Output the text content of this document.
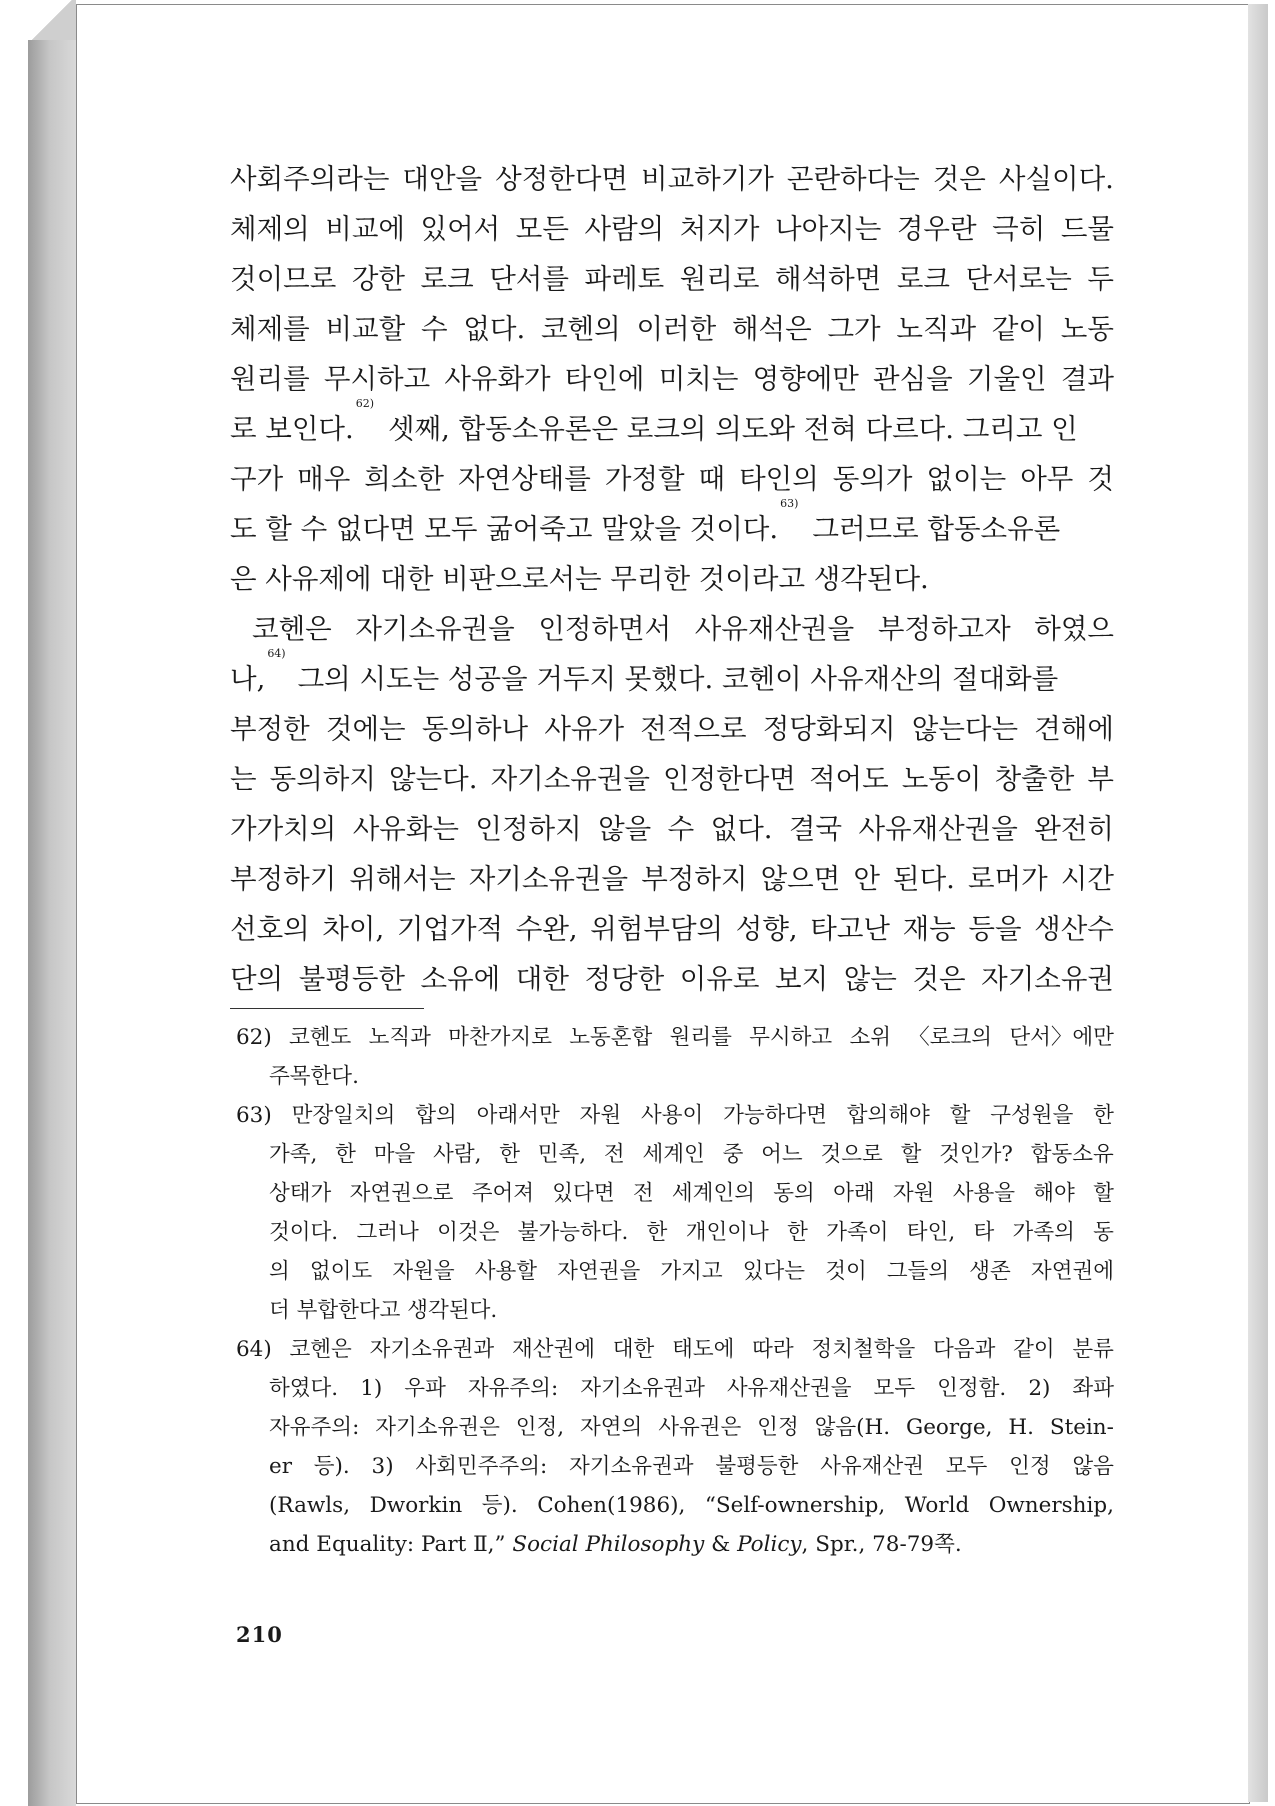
사회주의라는 대안을 상정한다면 비교하기가 곤란하다는 것은 사실이다.
체제의 비교에 있어서 모든 사람의 처지가 나아지는 경우란 극히 드물
것이므로 강한 로크 단서를 파레토 원리로 해석하면 로크 단서로는 두
체제를 비교할 수 없다. 코헨의 이러한 해석은 그가 노직과 같이 노동
원리를 무시하고 사유화가 타인에 미치는 영향에만 관심을 기울인 결과
로 보인다.
62)
셋째, 합동소유론은 로크의 의도와 전혀 다르다. 그리고 인
구가 매우 희소한 자연상태를 가정할 때 타인의 동의가 없이는 아무 것
도 할 수 없다면 모두 굶어죽고 말았을 것이다.
63)
그러므로 합동소유론
은 사유제에 대한 비판으로서는 무리한 것이라고 생각된다.
코헨은 자기소유권을 인정하면서 사유재산권을 부정하고자 하였으
나,
64)
그의 시도는 성공을 거두지 못했다. 코헨이 사유재산의 절대화를
부정한 것에는 동의하나 사유가 전적으로 정당화되지 않는다는 견해에
는 동의하지 않는다. 자기소유권을 인정한다면 적어도 노동이 창출한 부
가가치의 사유화는 인정하지 않을 수 없다. 결국 사유재산권을 완전히
부정하기 위해서는 자기소유권을 부정하지 않으면 안 된다. 로머가 시간
선호의 차이, 기업가적 수완, 위험부담의 성향, 타고난 재능 등을 생산수
단의 불평등한 소유에 대한 정당한 이유로 보지 않는 것은 자기소유권
62) 코헨도 노직과 마찬가지로 노동혼합 원리를 무시하고 소위 〈로크의 단서〉에만
주목한다.
63) 만장일치의 합의 아래서만 자원 사용이 가능하다면 합의해야 할 구성원을 한
가족, 한 마을 사람, 한 민족, 전 세계인 중 어느 것으로 할 것인가? 합동소유
상태가 자연권으로 주어져 있다면 전 세계인의 동의 아래 자원 사용을 해야 할
것이다. 그러나 이것은 불가능하다. 한 개인이나 한 가족이 타인, 타 가족의 동
의 없이도 자원을 사용할 자연권을 가지고 있다는 것이 그들의 생존 자연권에
더 부합한다고 생각된다.
64) 코헨은 자기소유권과 재산권에 대한 태도에 따라 정치철학을 다음과 같이 분류
하였다. 1) 우파 자유주의: 자기소유권과 사유재산권을 모두 인정함. 2) 좌파
자유주의: 자기소유권은 인정, 자연의 사유권은 인정 않음(H. George, H. Stein-
er 등). 3) 사회민주주의: 자기소유권과 불평등한 사유재산권 모두 인정 않음
(Rawls, Dworkin 등). Cohen(1986), “Self-ownership, World Ownership,
and Equality: Part Ⅱ,”
Social Philosophy
&
Policy , Spr., 78-79쪽.
210
